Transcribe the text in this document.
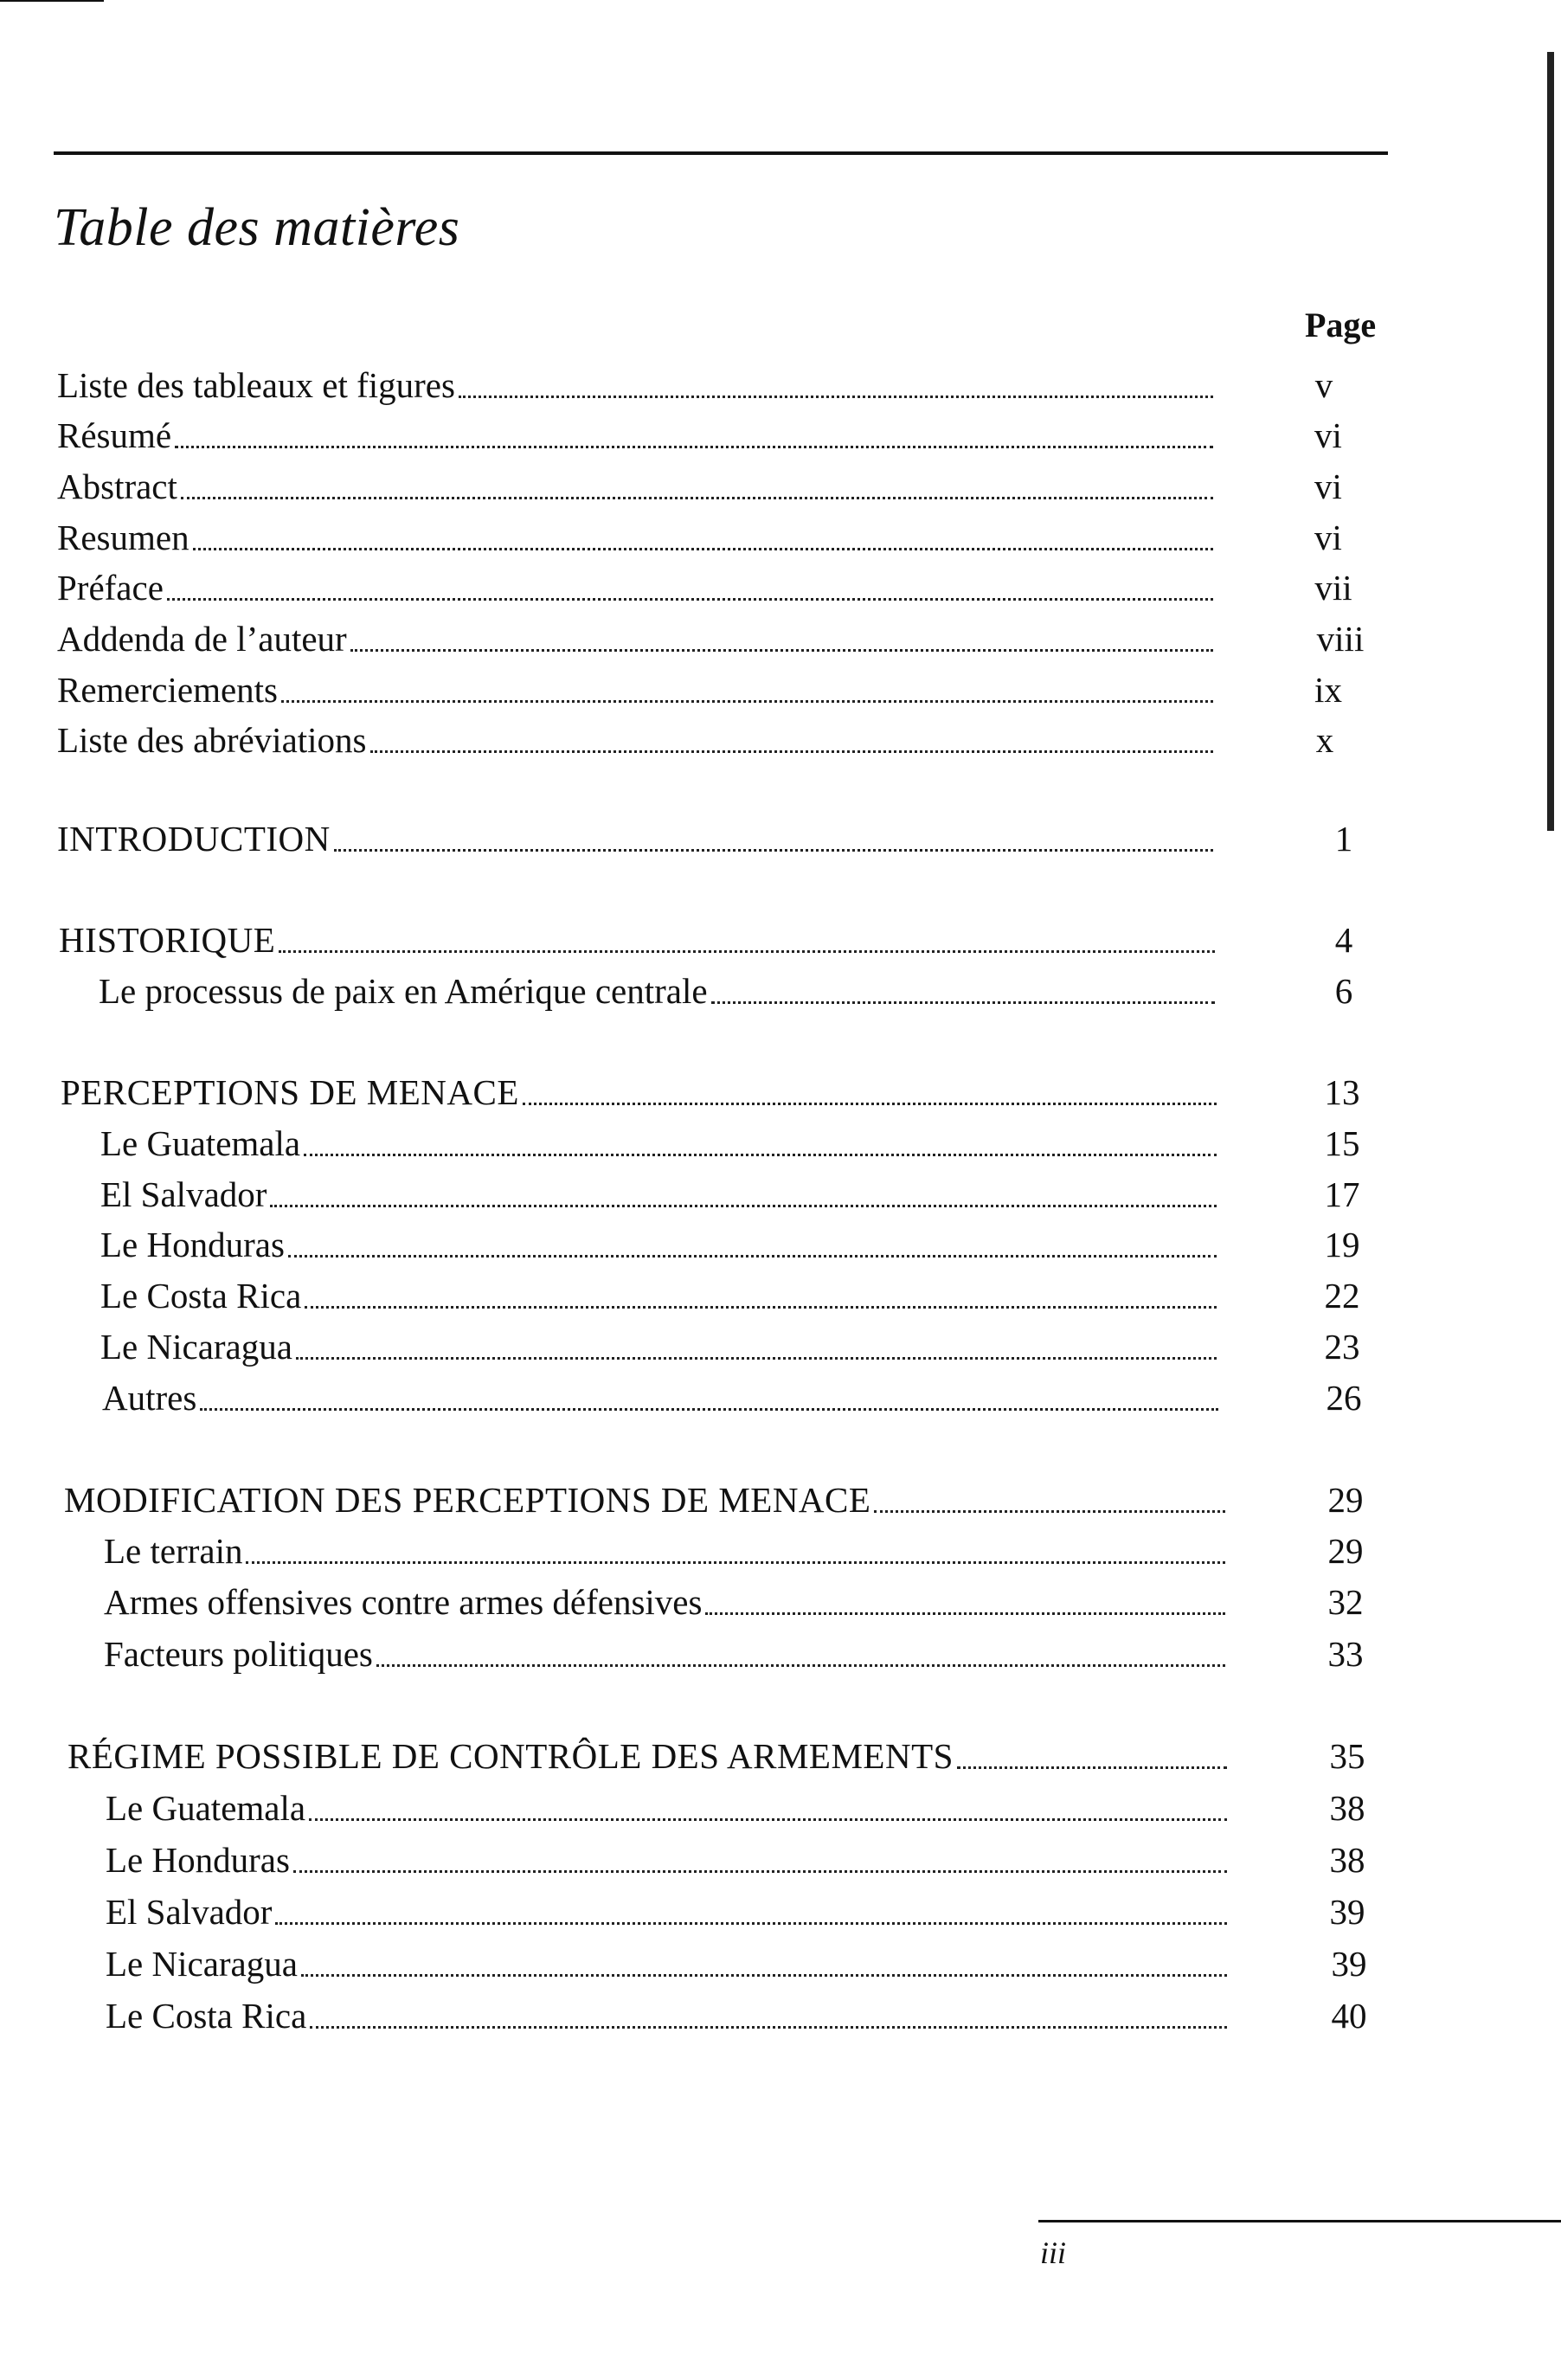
Table des matières
Page
Liste des tableaux et figures	v
Résumé	vi
Abstract	vi
Resumen	vi
Préface	vii
Addenda de l’auteur	viii
Remerciements	ix
Liste des abréviations	x
INTRODUCTION	1
HISTORIQUE	4
Le processus de paix en Amérique centrale	6
PERCEPTIONS DE MENACE	13
Le Guatemala	15
El Salvador	17
Le Honduras	19
Le Costa Rica	22
Le Nicaragua	23
Autres	26
MODIFICATION DES PERCEPTIONS DE MENACE	29
Le terrain	29
Armes offensives contre armes défensives	32
Facteurs politiques	33
RÉGIME POSSIBLE DE CONTRÔLE DES ARMEMENTS	35
Le Guatemala	38
Le Honduras	38
El Salvador	39
Le Nicaragua	39
Le Costa Rica	40
iii
